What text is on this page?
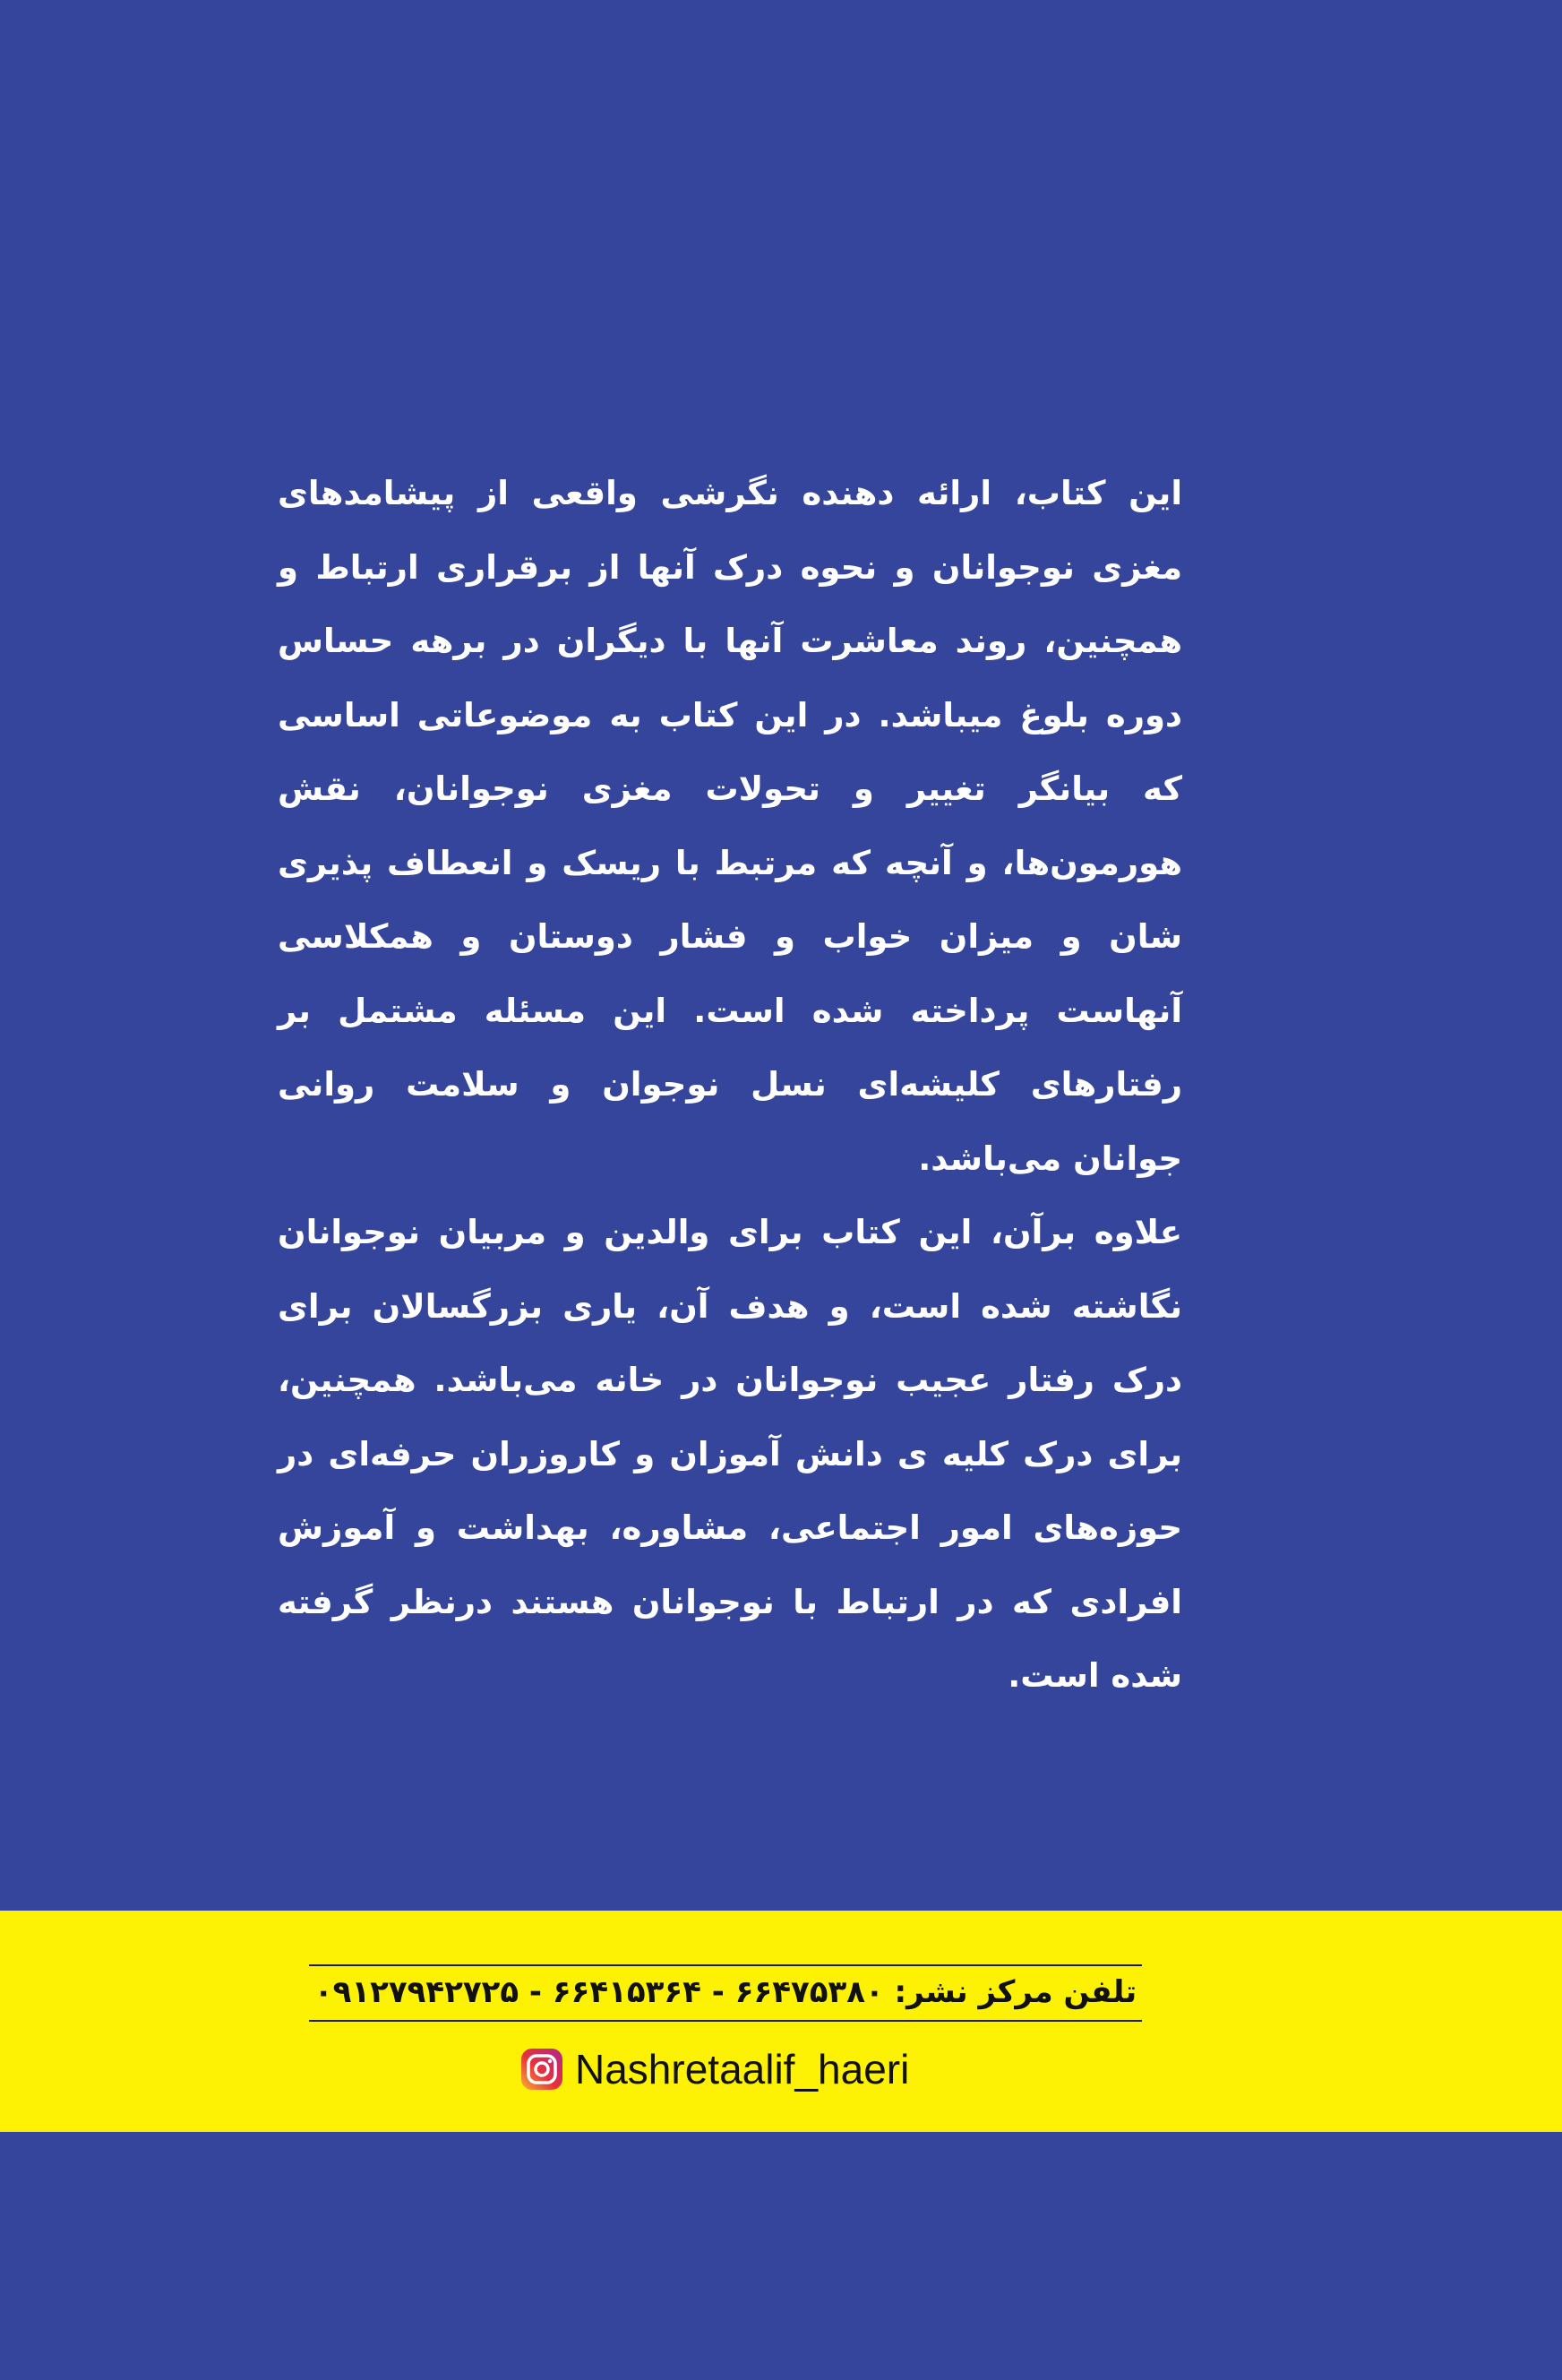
این کتاب، ارائه دهنده نگرشی واقعی از پیشامدهای مغزی نوجوانان و نحوه درک آنها از برقراری ارتباط و همچنین، روند معاشرت آنها با دیگران در برهه حساس دوره بلوغ میباشد. در این کتاب به موضوعاتی اساسی که بیانگر تغییر و تحولات مغزی نوجوانان، نقش هورمون‌ها، و آنچه که مرتبط با ریسک و انعطاف پذیری شان و میزان خواب و فشار دوستان و همکلاسی آنهاست پرداخته شده است. این مسئله مشتمل بر رفتارهای کلیشه‌ای نسل نوجوان و سلامت روانی جوانان می‌باشد.

علاوه برآن، این کتاب برای والدین و مربیان نوجوانان نگاشته شده است، و هدف آن، یاری بزرگسالان برای درک رفتار عجیب نوجوانان در خانه می‌باشد. همچنین، برای درک کلیه ی دانش آموزان و کاروزران حرفه‌ای در حوزه‌های امور اجتماعی، مشاوره، بهداشت و آموزش افرادی که در ارتباط با نوجوانان هستند درنظر گرفته شده است.

تلفن مرکز نشر: ۶۶۴۷۵۳۸۰ - ۶۶۴۱۵۳۶۴ - ۰۹۱۲۷۹۴۲۷۲۵
Nashretaalif_haeri
